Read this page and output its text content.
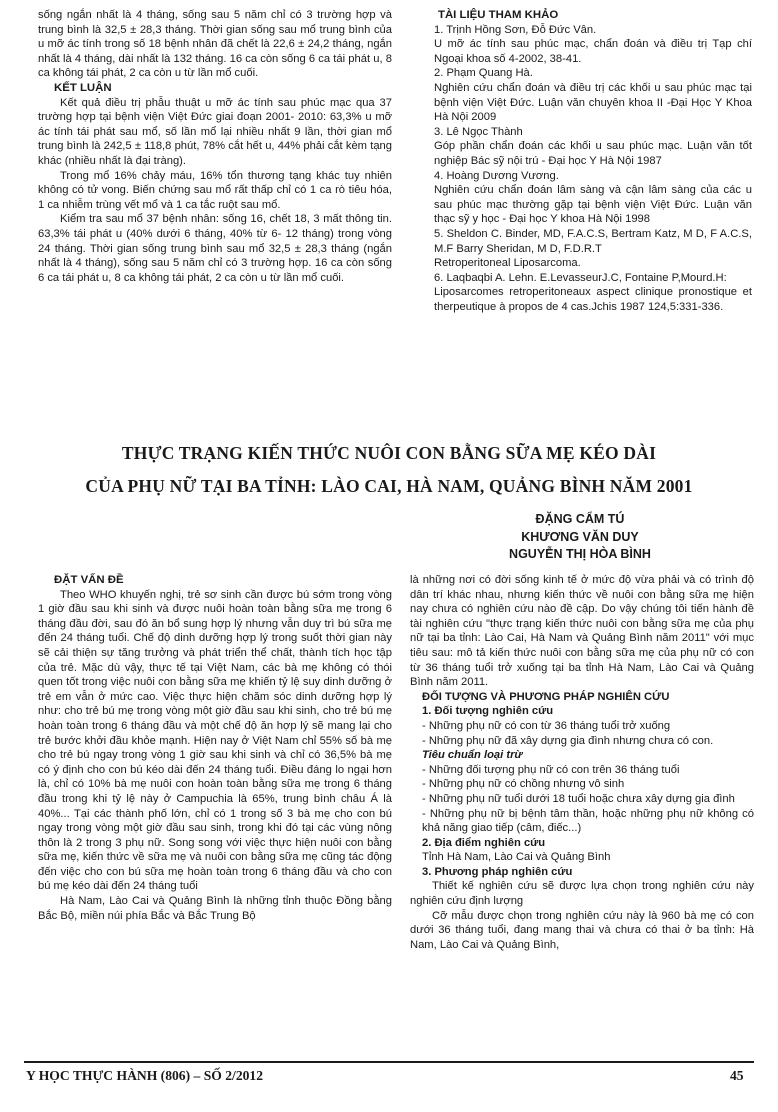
sống ngắn nhất là 4 tháng, sống sau 5 năm chỉ có 3 trường hợp và trung bình là 32,5 ± 28,3 tháng. Thời gian sống sau mổ trung bình của u mỡ ác tính trong số 18 bệnh nhân đã chết là 22,6 ± 24,2 tháng, ngắn nhất là 4 tháng, dài nhất là 132 tháng. 16 ca còn sống 6 ca tái phát u, 8 ca không tái phát, 2 ca còn u từ lần mổ cuối.

KẾT LUẬN

Kết quả điều trị phẫu thuật u mỡ ác tính sau phúc mạc qua 37 trường hợp tại bệnh viện Việt Đức giai đoạn 2001- 2010: 63,3% u mỡ ác tính tái phát sau mổ, số lần mổ lại nhiều nhất 9 lần, thời gian mổ trung bình là 242,5 ± 118,8 phút, 78% cắt hết u, 44% phải cắt kèm tạng khác (nhiều nhất là đại tràng).

Trong mổ 16% chảy máu, 16% tổn thương tạng khác tuy nhiên không có tử vong. Biến chứng sau mổ rất thấp chỉ có 1 ca rò tiêu hóa, 1 ca nhiễm trùng vết mổ và 1 ca tắc ruột sau mổ.

Kiểm tra sau mổ 37 bệnh nhân: sống 16, chết 18, 3 mất thông tin. 63,3% tái phát u (40% dưới 6 tháng, 40% từ 6- 12 tháng) trong vòng 24 tháng. Thời gian sống trung bình sau mổ 32,5 ± 28,3 tháng (ngắn nhất là 4 tháng), sống sau 5 năm chỉ có 3 trường hợp. 16 ca còn sống 6 ca tái phát u, 8 ca không tái phát, 2 ca còn u từ lần mổ cuối.

TÀI LIỆU THAM KHẢO

1. Trịnh Hồng Sơn, Đỗ Đức Vân.

U mỡ ác tính sau phúc mạc, chẩn đoán và điều trị Tạp chí Ngoại khoa số 4-2002, 38-41.

2. Phạm Quang Hà.

Nghiên cứu chẩn đoán và điều trị các khối u sau phúc mạc tại bệnh viện Việt Đức. Luận văn chuyên khoa II -Đại Học Y Khoa Hà Nội 2009

3. Lê Ngọc Thành

Góp phần chẩn đoán các khối u sau phúc mạc. Luận văn tốt nghiệp Bác sỹ nội trú - Đại học Y Hà Nội 1987

4. Hoàng Dương Vương.

Nghiên cứu chẩn đoán lâm sàng và cận lâm sàng của các u sau phúc mạc thường gặp tại bệnh viện Việt Đức. Luận văn thạc sỹ y học - Đại học Y khoa Hà Nội 1998

5. Sheldon C. Binder, MD, F.A.C.S, Bertram Katz, M D, F A.C.S, M.F Barry Sheridan, M D, F.D.R.T

Retroperitoneal Liposarcoma.

6. Laqbaqbi A. Lehn. E.LevasseurJ.C, Fontaine P,Mourd.H:

Liposarcomes retroperitoneaux aspect clinique pronostique et therpeutique à propos de 4 cas.Jchis 1987 124,5:331-336.

THỰC TRẠNG KIẾN THỨC NUÔI CON BẰNG SỮA MẸ KÉO DÀI
CỦA PHỤ NỮ TẠI BA TỈNH: LÀO CAI, HÀ NAM, QUẢNG BÌNH NĂM 2001
ĐẶNG CẨM TÚ
KHƯƠNG VĂN DUY
NGUYỄN THỊ HÒA BÌNH
ĐẶT VẤN ĐỀ

Theo WHO khuyến nghị, trẻ sơ sinh cần được bú sớm trong vòng 1 giờ đầu sau khi sinh và được nuôi hoàn toàn bằng sữa mẹ trong 6 tháng đầu đời, sau đó ăn bổ sung hợp lý nhưng vẫn duy trì bú sữa mẹ đến 24 tháng tuổi. Chế độ dinh dưỡng hợp lý trong suốt thời gian này sẽ cải thiện sự tăng trưởng và phát triển thể chất, thành tích học tập của trẻ. Mặc dù vậy, thực tế tại Việt Nam, các bà mẹ không có thói quen tốt trong việc nuôi con bằng sữa mẹ khiến tỷ lệ suy dinh dưỡng ở trẻ em vẫn ở mức cao. Việc thực hiện chăm sóc dinh dưỡng hợp lý như: cho trẻ bú mẹ trong vòng một giờ đầu sau khi sinh, cho trẻ bú mẹ hoàn toàn trong 6 tháng đầu và một chế độ ăn hợp lý sẽ mang lại cho trẻ bước khởi đầu khỏe mạnh. Hiện nay ở Việt Nam chỉ 55% số bà mẹ cho trẻ bú ngay trong vòng 1 giờ sau khi sinh và chỉ có 36,5% bà mẹ có ý định cho con bú kéo dài đến 24 tháng tuổi. Điều đáng lo ngại hơn là, chỉ có 10% bà mẹ nuôi con hoàn toàn bằng sữa mẹ trong 6 tháng đầu trong khi tỷ lệ này ở Campuchia là 65%, trung bình châu Á là 40%... Tại các thành phố lớn, chỉ có 1 trong số 3 bà mẹ cho con bú ngay trong vòng một giờ đầu sau sinh, trong khi đó tại các vùng nông thôn là 2 trong 3 phụ nữ. Song song với việc thực hiện nuôi con bằng sữa mẹ, kiến thức về sữa mẹ và nuôi con bằng sữa mẹ cũng tác động đến việc cho con bú sữa mẹ hoàn toàn trong 6 tháng đầu và cho con bú mẹ kéo dài đến 24 tháng tuổi

Hà Nam, Lào Cai và Quảng Bình là những tỉnh thuộc Đồng bằng Bắc Bộ, miền núi phía Bắc và Bắc Trung Bộ

là những nơi có đời sống kinh tế ở mức độ vừa phải và có trình độ dân trí khác nhau, nhưng kiến thức về nuôi con bằng sữa mẹ hiện nay chưa có nghiên cứu nào đề cập. Do vậy chúng tôi tiến hành đề tài nghiên cứu "thực trạng kiến thức nuôi con bằng sữa mẹ của phụ nữ tại ba tỉnh: Lào Cai, Hà Nam và Quảng Bình năm 2011" với mục tiêu sau: mô tả kiến thức nuôi con bằng sữa mẹ của phụ nữ có con từ 36 tháng tuổi trở xuống tại ba tỉnh Hà Nam, Lào Cai và Quảng Bình năm 2011.

ĐỐI TƯỢNG VÀ PHƯƠNG PHÁP NGHIÊN CỨU
1. Đối tượng nghiên cứu

- Những phụ nữ có con từ 36 tháng tuổi trở xuống

- Những phụ nữ đã xây dựng gia đình nhưng chưa có con.

Tiêu chuẩn loại trừ

- Những đối tượng phụ nữ có con trên 36 tháng tuổi

- Những phụ nữ có chồng nhưng vô sinh

- Những phụ nữ tuổi dưới 18 tuổi hoặc chưa xây dựng gia đình

- Những phụ nữ bị bệnh tâm thần, hoặc những phụ nữ không có khả năng giao tiếp (câm, điếc...)

2. Địa điểm nghiên cứu

Tỉnh Hà Nam, Lào Cai và Quảng Bình

3. Phương pháp nghiên cứu

Thiết kế nghiên cứu sẽ được lựa chọn trong nghiên cứu này nghiên cứu định lượng

Cỡ mẫu được chọn trong nghiên cứu này là 960 bà mẹ có con dưới 36 tháng tuổi, đang mang thai và chưa có thai ở ba tỉnh: Hà Nam, Lào Cai và Quảng Bình,

Y HỌC THỰC HÀNH (806) – SỐ 2/2012	45
